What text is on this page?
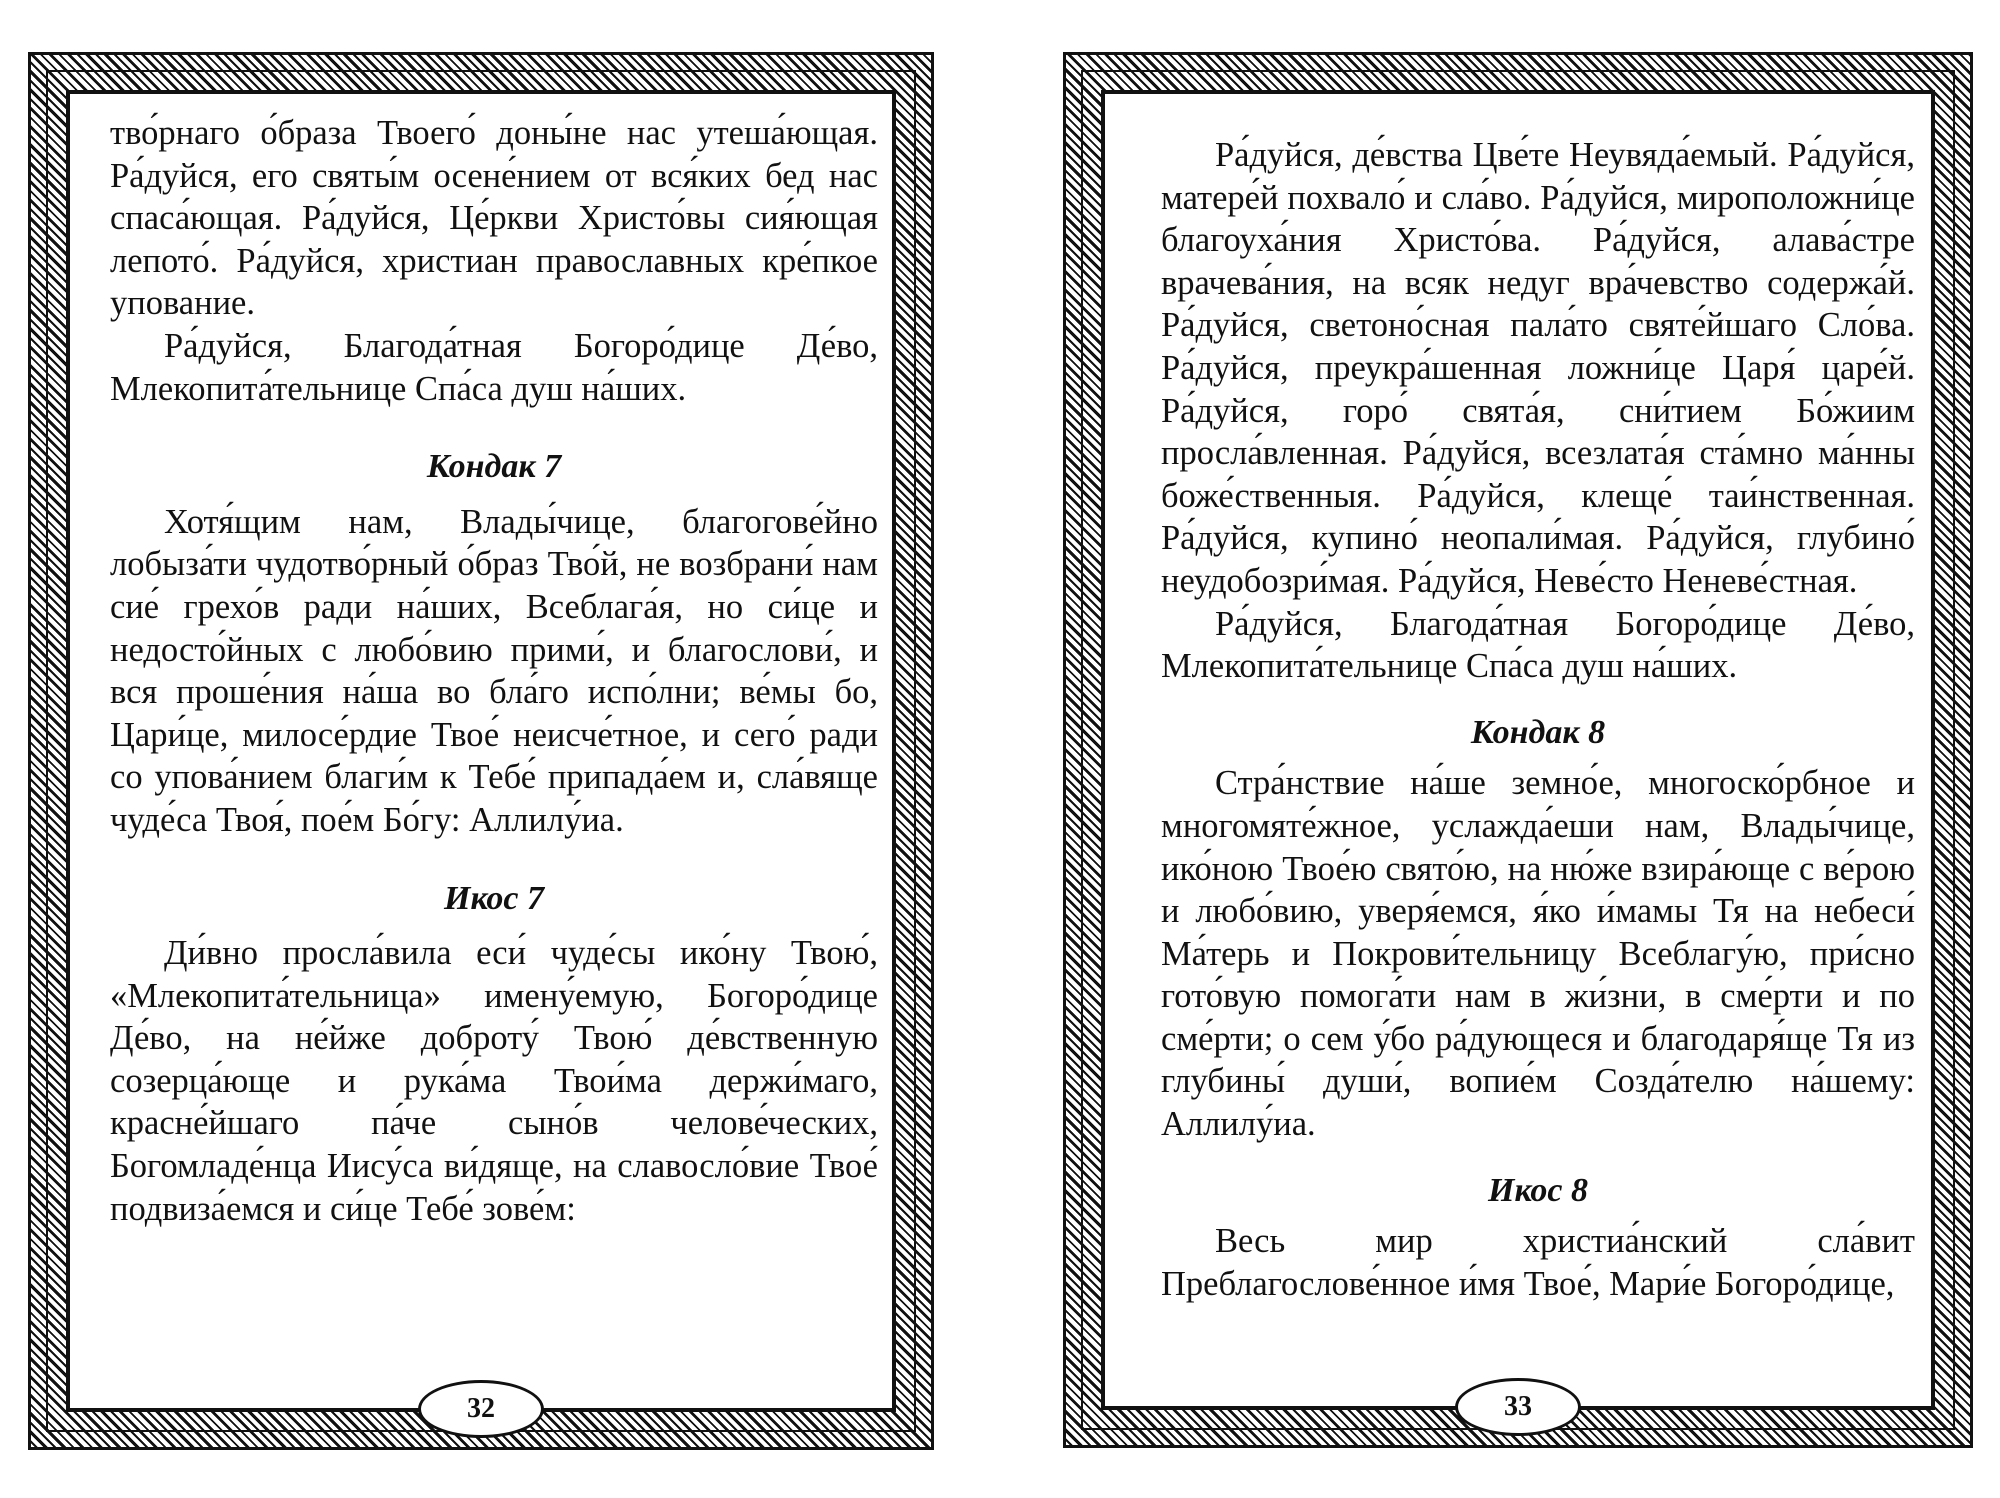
тво́рнаго о́браза Твоего́ доны́не нас утеша́ющая. Ра́дуйся, его святы́м осене́нием от вся́ких бед нас спаса́ющая. Ра́дуйся, Це́ркви Христо́вы сия́ющая лепото́. Ра́дуйся, христиан православных кре́пкое упование.

Ра́дуйся, Благода́тная Богоро́дице Де́во, Млекопита́тельнице Спа́са душ на́ших.

Кондак 7

Хотя́щим нам, Влады́чице, благогове́йно лобыза́ти чудотво́рный о́браз Тво́й, не возбрани́ нам сие́ грехо́в ради на́ших, Всеблага́я, но си́це и недосто́йных с любо́вию прими́, и благослови́, и вся проше́ния на́ша во бла́го испо́лни; ве́мы бо, Цари́це, милосе́рдие Твое́ неисче́тное, и сего́ ради со упова́нием благи́м к Тебе́ припада́ем и, сла́вяще чуде́са Твоя́, пое́м Бо́гу: Аллилу́иа.

Икос 7

Ди́вно просла́вила еси́ чуде́сы ико́ну Твою́, «Млекопита́тельница» имену́емую, Богоро́дице Де́во, на не́йже доброту́ Твою́ де́вственную созерца́юще и рука́ма Твои́ма держи́маго, красне́йшаго па́че сыно́в челове́ческих, Богомладе́нца Иису́са ви́дяще, на славосло́вие Твое́ подвиза́емся и си́це Тебе́ зове́м:

32

Ра́дуйся, де́вства Цве́те Неувяда́емый. Ра́дуйся, матере́й похвало́ и сла́во. Ра́дуйся, мироположни́це благоуха́ния Христо́ва. Ра́дуйся, алава́стре врачева́ния, на всяк недуг вра́чевство содержа́й. Ра́дуйся, светоно́сная пала́то святе́йшаго Сло́ва. Ра́дуйся, преукра́шенная ложни́це Царя́ царе́й. Ра́дуйся, горо́ свята́я, сни́тием Бо́жиим просла́вленная. Ра́дуйся, всезлата́я ста́мно ма́нны боже́ственныя. Ра́дуйся, клеще́ таи́нственная. Ра́дуйся, купино́ неопали́мая. Ра́дуйся, глубино́ неудобозри́мая. Ра́дуйся, Неве́сто Неневе́стная.

Ра́дуйся, Благода́тная Богоро́дице Де́во, Млекопита́тельнице Спа́са душ на́ших.

Кондак 8

Стра́нствие на́ше земно́е, многоско́рбное и многомяте́жное, услажда́еши нам, Влады́чице, ико́ною Твое́ю свято́ю, на ню́же взира́юще с ве́рою и любо́вию, уверя́емся, я́ко и́мамы Тя на небеси́ Ма́терь и Покрови́тельницу Всеблагу́ю, при́сно гото́вую помога́ти нам в жи́зни, в сме́рти и по сме́рти; о сем у́бо ра́дующеся и благодаря́ще Тя из глубины́ души́, вопие́м Созда́телю на́шему: Аллилу́иа.

Икос 8

Весь мир христиа́нский сла́вит Преблагослове́нное и́мя Твое́, Мари́е Богоро́дице,

33
